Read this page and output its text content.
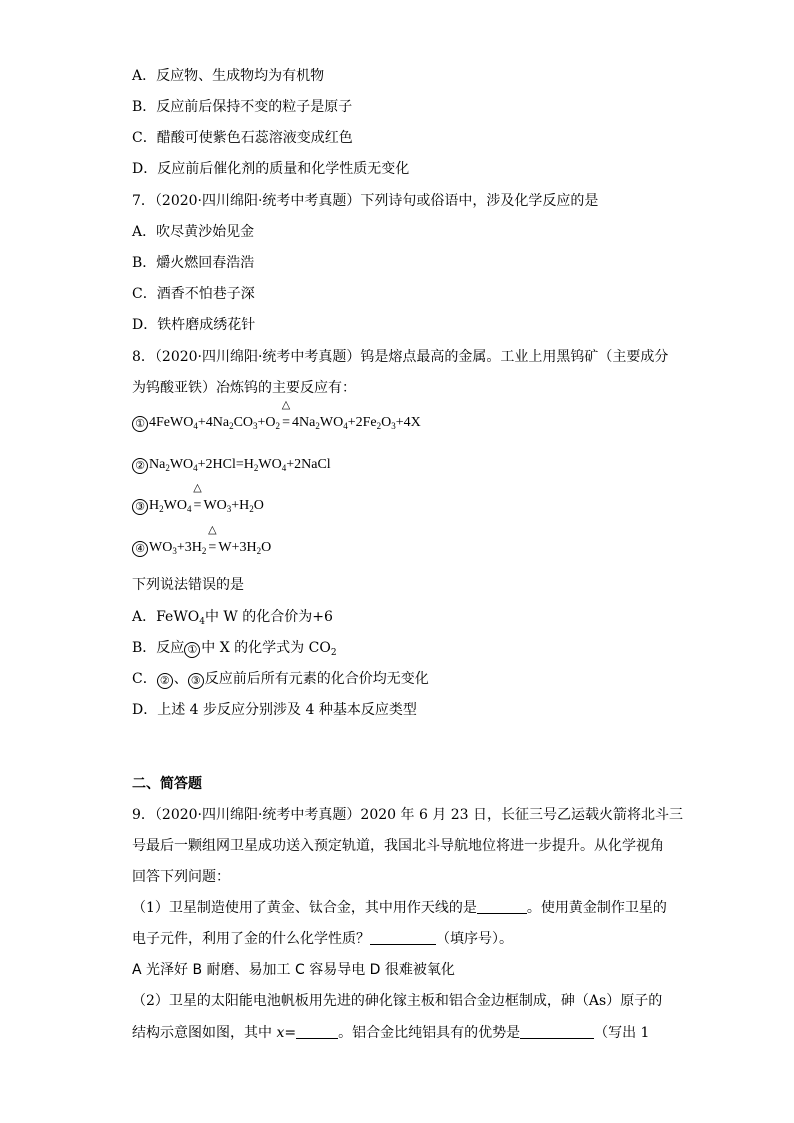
A．反应物、生成物均为有机物
B．反应前后保持不变的粒子是原子
C．醋酸可使紫色石蕊溶液变成红色
D．反应前后催化剂的质量和化学性质无变化
7．（2020·四川绵阳·统考中考真题）下列诗句或俗语中，涉及化学反应的是
A．吹尽黄沙始见金
B．爝火燃回春浩浩
C．酒香不怕巷子深
D．铁杵磨成绣花针
8．（2020·四川绵阳·统考中考真题）钨是熔点最高的金属。工业上用黑钨矿（主要成分
为钨酸亚铁）冶炼钨的主要反应有：
① $4FeWO_4+4Na_2CO_3+O_2$
△
= $4Na_2WO_4+2Fe_2O_3+4X$
② $Na_2WO_4+2HCl=H_2WO_4+2NaCl$
③ $H_2WO_4$
△
= $WO_3+H_2O$
④ $WO_3+3H_2$
△
= $W+3H_2O$
下列说法错误的是
A．FeWO$_4$中 W 的化合价为+6
B．反应 ① 中 X 的化学式为 $CO_2$
C． ② 、 ③ 反应前后所有元素的化合价均无变化
D．上述 4 步反应分别涉及 4 种基本反应类型
二、简答题
9．（2020·四川绵阳·统考中考真题）2020 年 6 月 23 日，长征三号乙运载火箭将北斗三
号最后一颗组网卫星成功送入预定轨道，我国北斗导航地位将进一步提升。从化学视角
回答下列问题：
（1）卫星制造使用了黄金、钛合金，其中用作天线的是	。使用黄金制作卫星的
电子元件，利用了金的什么化学性质？	（填序号）。
A 光泽好 B 耐磨、易加工 C 容易导电 D 很难被氧化
（2）卫星的太阳能电池帆板用先进的砷化镓主板和铝合金边框制成，砷（As）原子的
结构示意图如图，其中 x=	。铝合金比纯铝具有的优势是	（写出 1
